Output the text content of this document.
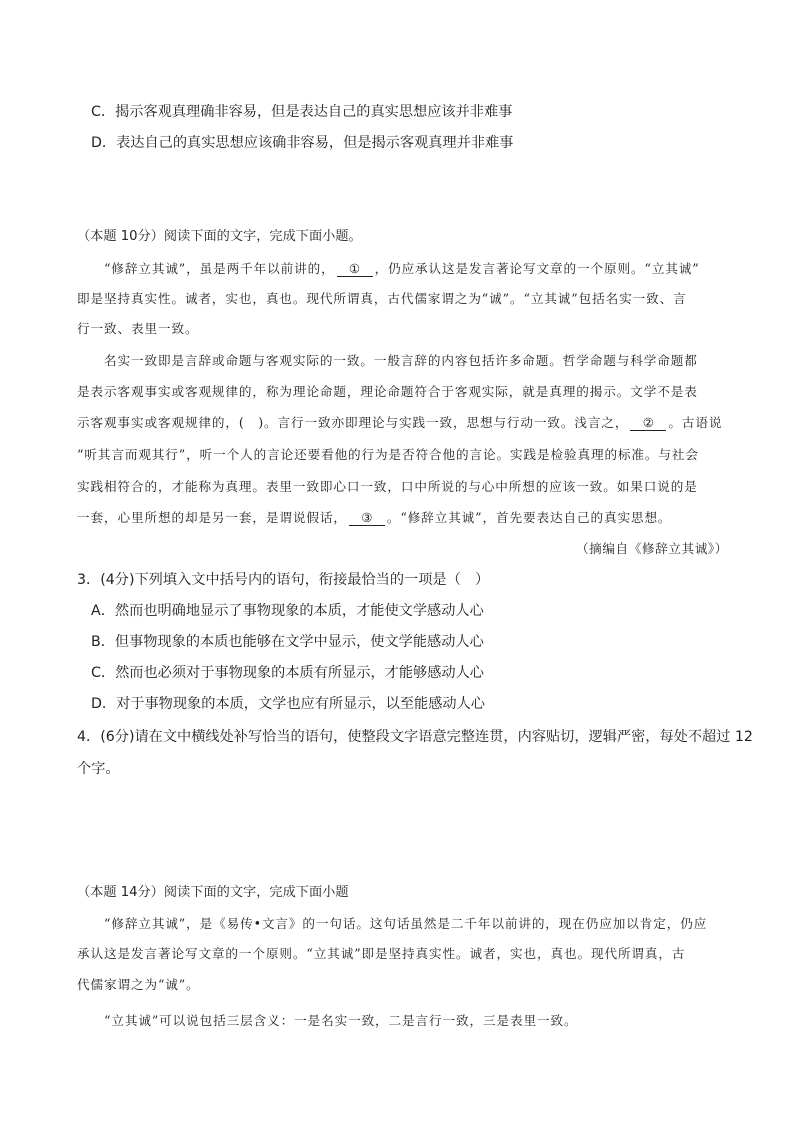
C．揭示客观真理确非容易，但是表达自己的真实思想应该并非难事
D．表达自己的真实思想应该确非容易，但是揭示客观真理并非难事
（本题 10分）阅读下面的文字，完成下面小题。
“修辞立其诚”，虽是两千年以前讲的， ① ，仍应承认这是发言著论写文章的一个原则。“立其诚”
即是坚持真实性。诚者，实也，真也。现代所谓真，古代儒家谓之为“诚”。“立其诚”包括名实一致、言
行一致、表里一致。
名实一致即是言辞或命题与客观实际的一致。一般言辞的内容包括许多命题。哲学命题与科学命题都
是表示客观事实或客观规律的，称为理论命题，理论命题符合于客观实际，就是真理的揭示。文学不是表
示客观事实或客观规律的，(　)。言行一致亦即理论与实践一致，思想与行动一致。浅言之， ② 。古语说
“听其言而观其行”，听一个人的言论还要看他的行为是否符合他的言论。实践是检验真理的标准。与社会
实践相符合的，才能称为真理。表里一致即心口一致，口中所说的与心中所想的应该一致。如果口说的是
一套，心里所想的却是另一套，是谓说假话， ③ 。“修辞立其诚”，首先要表达自己的真实思想。
（摘编自《修辞立其诚》）
3．(4分)下列填入文中括号内的语句，衔接最恰当的一项是（　）
A．然而也明确地显示了事物现象的本质，才能使文学感动人心
B．但事物现象的本质也能够在文学中显示，使文学能感动人心
C．然而也必须对于事物现象的本质有所显示，才能够感动人心
D．对于事物现象的本质，文学也应有所显示，以至能感动人心
4．(6分)请在文中横线处补写恰当的语句，使整段文字语意完整连贯，内容贴切，逻辑严密，每处不超过 12
个字。
（本题 14分）阅读下面的文字，完成下面小题
“修辞立其诚”，是《易传•文言》的一句话。这句话虽然是二千年以前讲的，现在仍应加以肯定，仍应
承认这是发言著论写文章的一个原则。“立其诚”即是坚持真实性。诚者，实也，真也。现代所谓真，古
代儒家谓之为“诚”。
“立其诚”可以说包括三层含义：一是名实一致，二是言行一致，三是表里一致。
